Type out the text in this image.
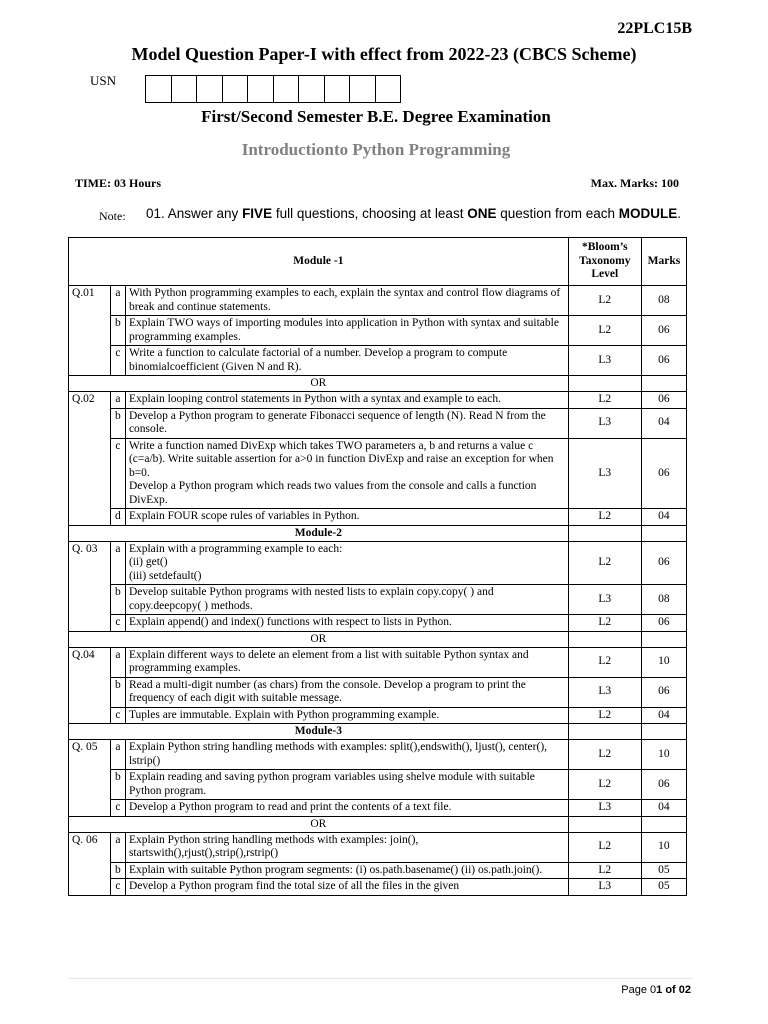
22PLC15B
Model Question Paper-I with effect from 2022-23 (CBCS Scheme)
USN
First/Second Semester B.E. Degree Examination
Introductionto Python Programming
TIME: 03 Hours	Max. Marks: 100
Note: 01. Answer any FIVE full questions, choosing at least ONE question from each MODULE.
Module -1			*Bloom’s Taxonomy Level	Marks
Q.01	a	With Python programming examples to each, explain the syntax and control flow diagrams of break and continue statements.	L2	08
	b	Explain TWO ways of importing modules into application in Python with syntax and suitable programming examples.	L2	06
	c	Write a function to calculate factorial of a number. Develop a program to compute binomialcoefficient (Given N and R).	L3	06
OR				
Q.02	a	Explain looping control statements in Python with a syntax and example to each.	L2	06
	b	Develop a Python program to generate Fibonacci sequence of length (N). Read N from the console.	L3	04
	c	Write a function named DivExp which takes TWO parameters a, b and returns a value c (c=a/b). Write suitable assertion for a>0 in function DivExp and raise an exception for when b=0.
Develop a Python program which reads two values from the console and calls a function DivExp.	L3	06
	d	Explain FOUR scope rules of variables in Python.	L2	04
Module-2				
Q. 03	a	Explain with a programming example to each:
(ii) get()
(iii) setdefault()	L2	06
	b	Develop suitable Python programs with nested lists to explain copy.copy( ) and copy.deepcopy( ) methods.	L3	08
	c	Explain append() and index() functions with respect to lists in Python.	L2	06
OR				
Q.04	a	Explain different ways to delete an element from a list with suitable Python syntax and programming examples.	L2	10
	b	Read a multi-digit number (as chars) from the console. Develop a program to print the frequency of each digit with suitable message.	L3	06
	c	Tuples are immutable. Explain with Python programming example.	L2	04
Module-3				
Q. 05	a	Explain Python string handling methods with examples: split(),endswith(), ljust(), center(), lstrip()	L2	10
	b	Explain reading and saving python program variables using shelve module with suitable Python program.	L2	06
	c	Develop a Python program to read and print the contents of a text file.	L3	04
OR				
Q. 06	a	Explain Python string handling methods with examples: join(), startswith(),rjust(),strip(),rstrip()	L2	10
	b	Explain with suitable Python program segments: (i) os.path.basename() (ii) os.path.join().	L2	05
	c	Develop a Python program find the total size of all the files in the given	L3	05
Page 01 of 02
